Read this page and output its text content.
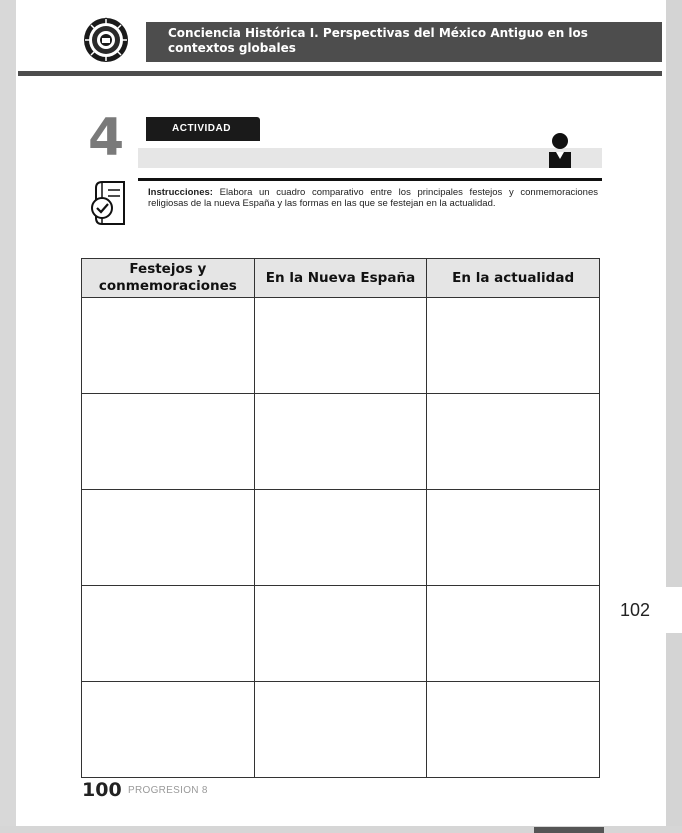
Conciencia Histórica I. Perspectivas del México Antiguo en los
contextos globales
4	ACTIVIDAD
Instrucciones: Elabora un cuadro comparativo entre los principales festejos y conmemoraciones religiosas de la nueva España y las formas en las que se festejan en la actualidad.
Festejos y conmemoraciones	En la Nueva España	En la actualidad

102
100 PROGRESION 8
